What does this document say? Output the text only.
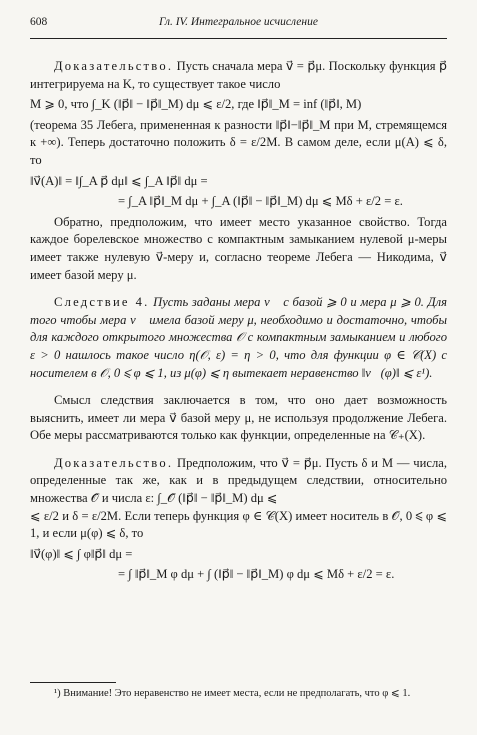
608	Гл. IV. Интегральное исчисление

Доказательство. Пусть сначала мера v⃗ = p⃗μ. Поскольку функция p⃗ интегрируема на K, то существует такое число

M ⩾ 0, что ∫_K (‖p⃗‖ − ‖p⃗‖_M) dμ ⩽ ε/2, где ‖p⃗‖_M = inf (‖p⃗‖, M)

(теорема 35 Лебега, примененная к разности ‖p⃗‖−‖p⃗‖_M при M, стремящемся к +∞). Теперь достаточно положить δ = ε/2M. В самом деле, если μ(A) ⩽ δ, то

‖v⃗(A)‖ = ‖∫_A p⃗ dμ‖ ⩽ ∫_A ‖p⃗‖ dμ =
= ∫_A ‖p⃗‖_M dμ + ∫_A (‖p⃗‖ − ‖p⃗‖_M) dμ ⩽ Mδ + ε/2 = ε.

Обратно, предположим, что имеет место указанное свойство. Тогда каждое борелевское множество с компактным замыканием нулевой μ-меры имеет также нулевую v⃗-меру и, согласно теореме Лебега — Никодима, v⃗ имеет базой меру μ.

Следствие 4. Пусть заданы мера v⃗ с базой ⩾ 0 и мера μ ⩾ 0. Для того чтобы мера v⃗ имела базой меру μ, необходимо и достаточно, чтобы для каждого открытого множества 𝒪 с компактным замыканием и любого ε > 0 нашлось такое число η(𝒪, ε) = η > 0, что для функции φ ∈ 𝒞(X) с носителем в 𝒪, 0 ⩽ φ ⩽ 1, из μ(φ) ⩽ η вытекает неравенство ‖v⃗(φ)‖ ⩽ ε¹).

Смысл следствия заключается в том, что оно дает возможность выяснить, имеет ли мера v⃗ базой меру μ, не используя продолжение Лебега. Обе меры рассматриваются только как функции, определенные на 𝒞₊(X).

Доказательство. Предположим, что v⃗ = p⃗μ. Пусть δ и M — числа, определенные так же, как и в предыдущем следствии, относительно множества 𝒪̄ и числа ε: ∫_𝒪̄ (‖p⃗‖ − ‖p⃗‖_M) dμ ⩽

⩽ ε/2 и δ = ε/2M. Если теперь функция φ ∈ 𝒞(X) имеет носитель в 𝒪, 0 ⩽ φ ⩽ 1, и если μ(φ) ⩽ δ, то

‖v⃗(φ)‖ ⩽ ∫ φ‖p⃗‖ dμ =
= ∫ ‖p⃗‖_M φ dμ + ∫ (‖p⃗‖ − ‖p⃗‖_M) φ dμ ⩽ Mδ + ε/2 = ε.

¹) Внимание! Это неравенство не имеет места, если не предполагать, что φ ⩽ 1.
